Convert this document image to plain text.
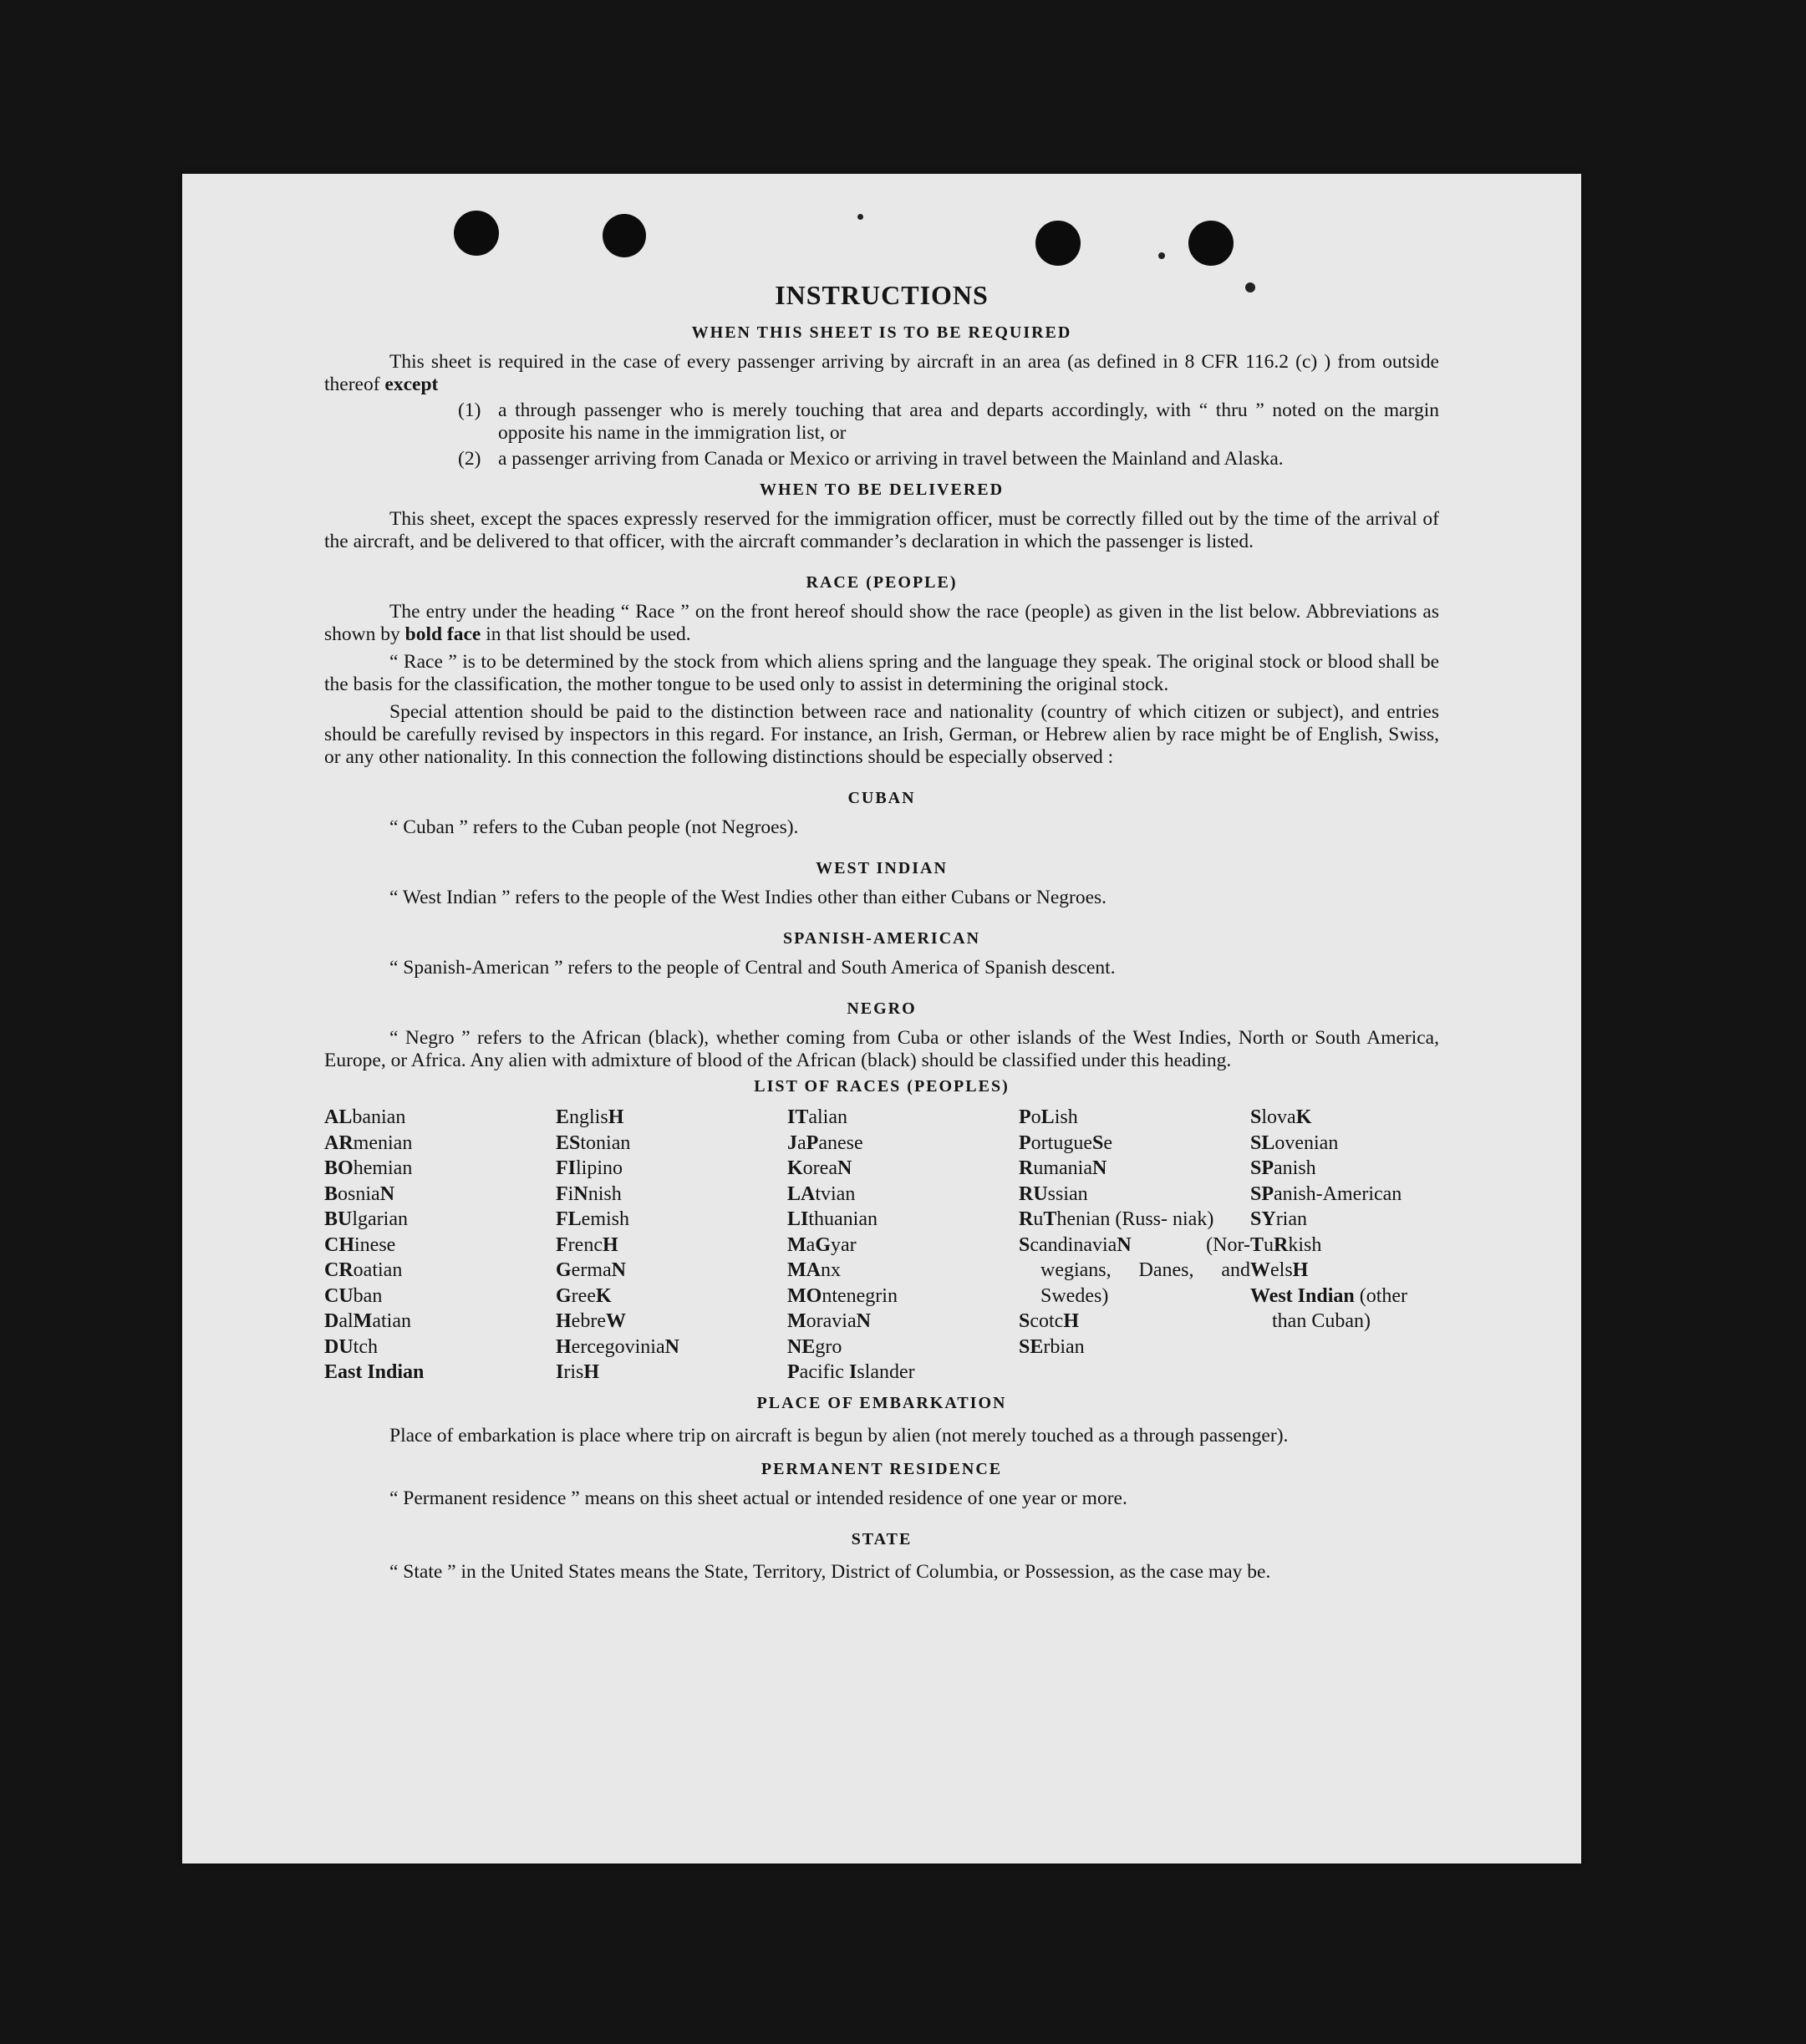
INSTRUCTIONS
WHEN THIS SHEET IS TO BE REQUIRED

This sheet is required in the case of every passenger arriving by aircraft in an area (as defined in 8 CFR 116.2 (c) ) from outside thereof except

(1) a through passenger who is merely touching that area and departs accordingly, with “ thru ” noted on the margin opposite his name in the immigration list, or
(2) a passenger arriving from Canada or Mexico or arriving in travel between the Mainland and Alaska.
WHEN TO BE DELIVERED

This sheet, except the spaces expressly reserved for the immigration officer, must be correctly filled out by the time of the arrival of the aircraft, and be delivered to that officer, with the aircraft commander’s declaration in which the passenger is listed.

RACE (PEOPLE)

The entry under the heading “ Race ” on the front hereof should show the race (people) as given in the list below. Abbreviations as shown by bold face in that list should be used.

“ Race ” is to be determined by the stock from which aliens spring and the language they speak. The original stock or blood shall be the basis for the classification, the mother tongue to be used only to assist in determining the original stock.

Special attention should be paid to the distinction between race and nationality (country of which citizen or subject), and entries should be carefully revised by inspectors in this regard. For instance, an Irish, German, or Hebrew alien by race might be of English, Swiss, or any other nationality. In this connection the following distinctions should be especially observed :

CUBAN

“ Cuban ” refers to the Cuban people (not Negroes).

WEST INDIAN

“ West Indian ” refers to the people of the West Indies other than either Cubans or Negroes.

SPANISH-AMERICAN

“ Spanish-American ” refers to the people of Central and South America of Spanish descent.

NEGRO

“ Negro ” refers to the African (black), whether coming from Cuba or other islands of the West Indies, North or South America, Europe, or Africa. Any alien with admixture of blood of the African (black) should be classified under this heading.

LIST OF RACES (PEOPLES)
ALbanian
ARmenian
BOhemian
BosniaN
BUlgarian
CHinese
CRoatian
CUban
DalMatian
DUtch
East Indian
EnglisH
EStonian
FIlipino
FiNnish
FLemish
FrencH
GermaN
GreeK
HebreW
HercegoviniaN
IrisH
ITalian
JaPanese
KoreaN
LAtvian
LIthuanian
MaGyar
MAnx
MOntenegrin
MoraviaN
NEgro
Pacific Islander
PoLish
PortugueSe
RumaniaN
RUssian
RuThenian (Russ- niak)
ScandinaviaN (Nor- wegians, Danes, and Swedes)
ScotcH
SErbian
SlovaK
SLovenian
SPanish
SPanish-American
SYrian
TuRkish
WelsH
West Indian (other than Cuban)
PLACE OF EMBARKATION

Place of embarkation is place where trip on aircraft is begun by alien (not merely touched as a through passenger).

PERMANENT RESIDENCE

“ Permanent residence ” means on this sheet actual or intended residence of one year or more.

STATE

“ State ” in the United States means the State, Territory, District of Columbia, or Possession, as the case may be.
